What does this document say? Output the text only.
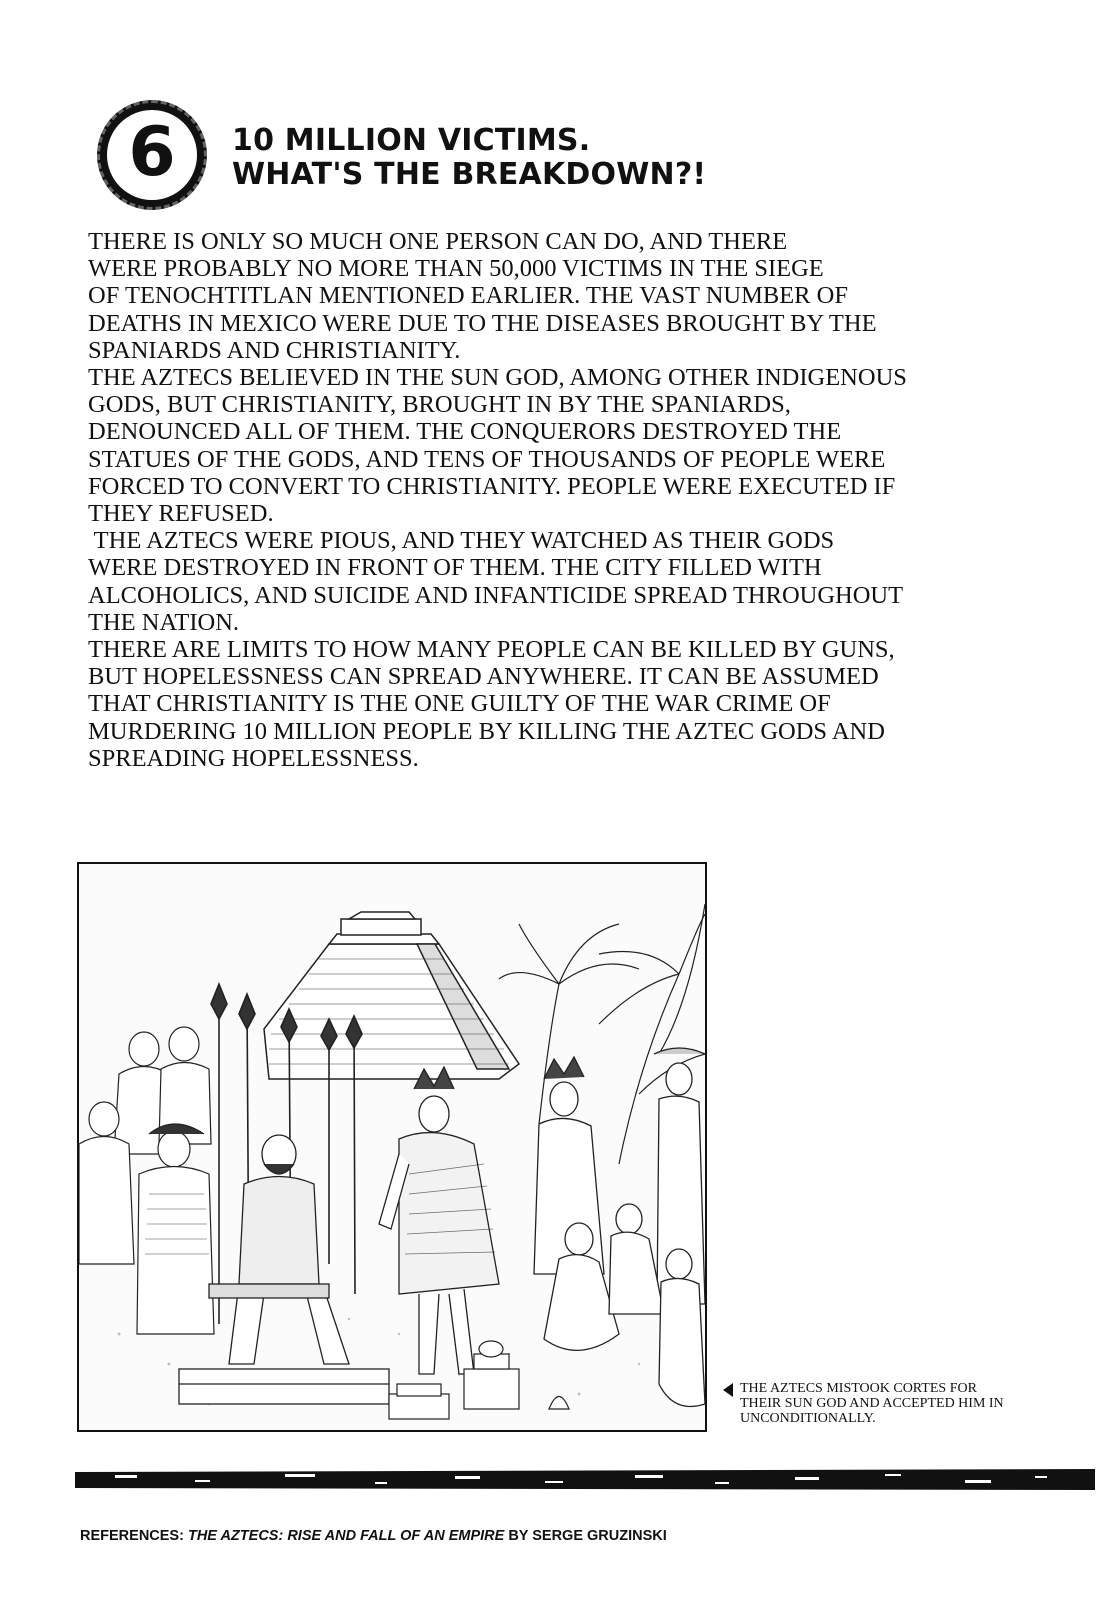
6 10 MILLION VICTIMS.
WHAT'S THE BREAKDOWN?!
THERE IS ONLY SO MUCH ONE PERSON CAN DO, AND THERE
WERE PROBABLY NO MORE THAN 50,000 VICTIMS IN THE SIEGE
OF TENOCHTITLAN MENTIONED EARLIER. THE VAST NUMBER OF
DEATHS IN MEXICO WERE DUE TO THE DISEASES BROUGHT BY THE
SPANIARDS AND CHRISTIANITY.
THE AZTECS BELIEVED IN THE SUN GOD, AMONG OTHER INDIGENOUS
GODS, BUT CHRISTIANITY, BROUGHT IN BY THE SPANIARDS,
DENOUNCED ALL OF THEM. THE CONQUERORS DESTROYED THE
STATUES OF THE GODS, AND TENS OF THOUSANDS OF PEOPLE WERE
FORCED TO CONVERT TO CHRISTIANITY. PEOPLE WERE EXECUTED IF
THEY REFUSED.
THE AZTECS WERE PIOUS, AND THEY WATCHED AS THEIR GODS
WERE DESTROYED IN FRONT OF THEM. THE CITY FILLED WITH
ALCOHOLICS, AND SUICIDE AND INFANTICIDE SPREAD THROUGHOUT
THE NATION.
THERE ARE LIMITS TO HOW MANY PEOPLE CAN BE KILLED BY GUNS,
BUT HOPELESSNESS CAN SPREAD ANYWHERE. IT CAN BE ASSUMED
THAT CHRISTIANITY IS THE ONE GUILTY OF THE WAR CRIME OF
MURDERING 10 MILLION PEOPLE BY KILLING THE AZTEC GODS AND
SPREADING HOPELESSNESS.
THE AZTECS MISTOOK CORTES FOR
THEIR SUN GOD AND ACCEPTED HIM IN
UNCONDITIONALLY.
REFERENCES: THE AZTECS: RISE AND FALL OF AN EMPIRE BY SERGE GRUZINSKI
